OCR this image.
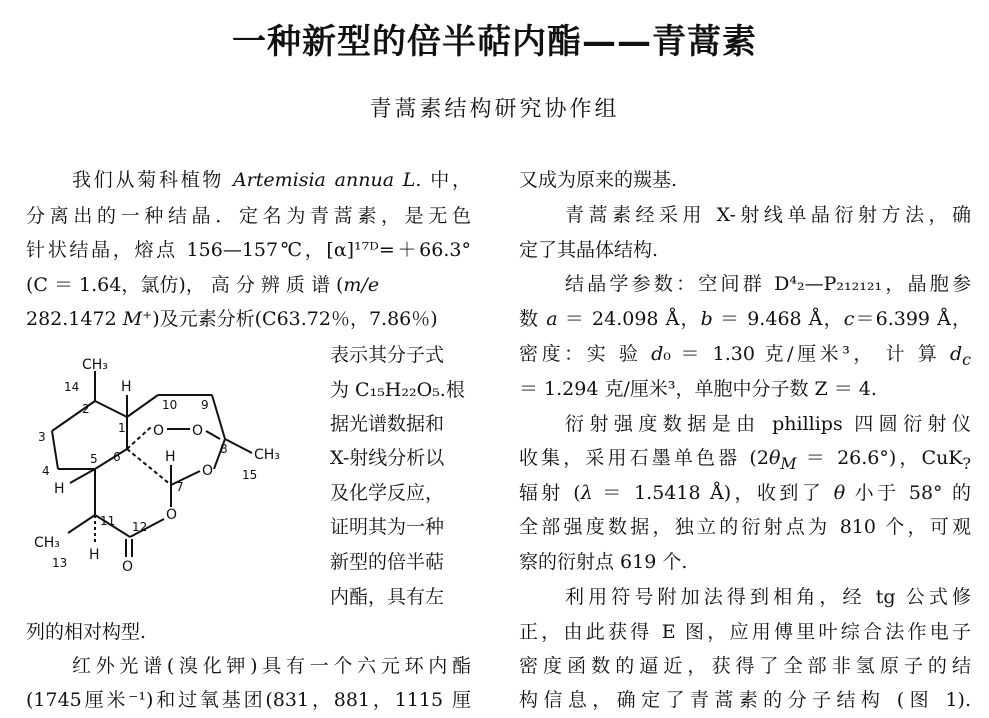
一种新型的倍半萜内酯——青蒿素
青蒿素结构研究协作组
我们从菊科植物 Artemisia annua L. 中，
分离出的一种结晶．定名为青蒿素，是无色
针状结晶，熔点 156—157℃，[α]¹⁷ᴰ=＋66.3°
(C ＝ 1.64，氯仿)， 高 分 辨 质 谱 (m/e
282.1472 M⁺)及元素分析(C63.72％，7.86％)
表示其分子式
为 C₁₅H₂₂O₅.根
据光谱数据和
X-射线分析以
及化学反应，
证明其为一种
新型的倍半萜
内酯，具有左
列的相对构型.
红外光谱(溴化钾)具有一个六元环内酯
(1745厘米⁻¹)和过氧基团(831，881，1115 厘
CH₃
14	H
10 9
2
1 O O
8
3
6	H	CH₃
15
4
5
7
O
H
11	O
CH₃
12
H
13	O
又成为原来的羰基.
青蒿素经采用 X-射线单晶衍射方法，确
定了其晶体结构.
结晶学参数：空间群 D⁴₂—P₂₁₂₁₂₁，晶胞参
数 a ＝ 24.098 Å，b ＝ 9.468 Å，c＝6.399 Å，
密度：实 验 d₀ ＝ 1.30 克/厘米³， 计 算 $d_c$
＝ 1.294 克/厘米³，单胞中分子数 Z ＝ 4.
衍射强度数据是由 phillips 四圆衍射仪
收集，采用石墨单色器 $(2\theta_M = 26.6^\circ)$，CuK$_?$
辐射 (λ ＝ 1.5418 Å)，收到了 θ 小于 58° 的
全部强度数据，独立的衍射点为 810 个，可观
察的衍射点 619 个.
利用符号附加法得到相角，经 tg 公式修
正，由此获得 E 图，应用傅里叶综合法作电子
密度函数的逼近，获得了全部非氢原子的结
构信息，确定了青蒿素的分子结构 (图 1).
